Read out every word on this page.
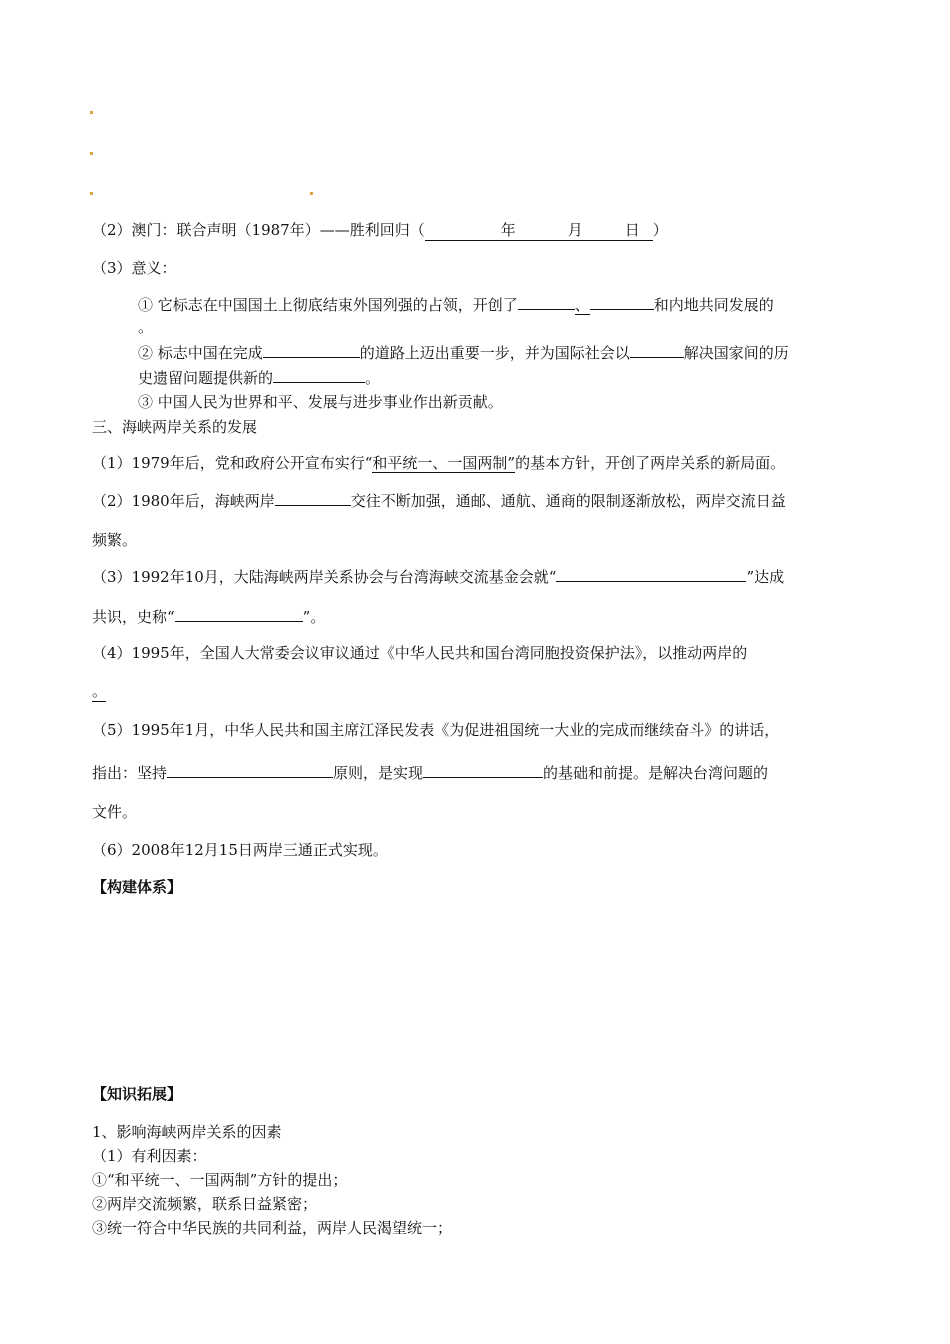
（2）澳门：联合声明（1987年）——胜利回归（	年	月	日 ）
（3）意义：
① 它标志在中国国土上彻底结束外国列强的占领，开创了	、	和内地共同发展的
。
② 标志中国在完成	的道路上迈出重要一步，并为国际社会以	解决国家间的历
史遗留问题提供新的	。
③ 中国人民为世界和平、发展与进步事业作出新贡献。
三、海峡两岸关系的发展
（1）1979年后，党和政府公开宣布实行“和平统一、一国两制”的基本方针，开创了两岸关系的新局面。
（2）1980年后，海峡两岸	交往不断加强，通邮、通航、通商的限制逐渐放松，两岸交流日益
频繁。
（3）1992年10月，大陆海峡两岸关系协会与台湾海峡交流基金会就“	”达成
共识，史称“	”。
（4）1995年，全国人大常委会议审议通过《中华人民共和国台湾同胞投资保护法》，以推动两岸的
。
（5）1995年1月，中华人民共和国主席江泽民发表《为促进祖国统一大业的完成而继续奋斗》的讲话，
指出：坚持	原则，是实现	的基础和前提。是解决台湾问题的
文件。
（6）2008年12月15日两岸三通正式实现。
【构建体系】
【知识拓展】
1、影响海峡两岸关系的因素
（1）有利因素：
①“和平统一、一国两制”方针的提出；
②两岸交流频繁，联系日益紧密；
③统一符合中华民族的共同利益，两岸人民渴望统一；
